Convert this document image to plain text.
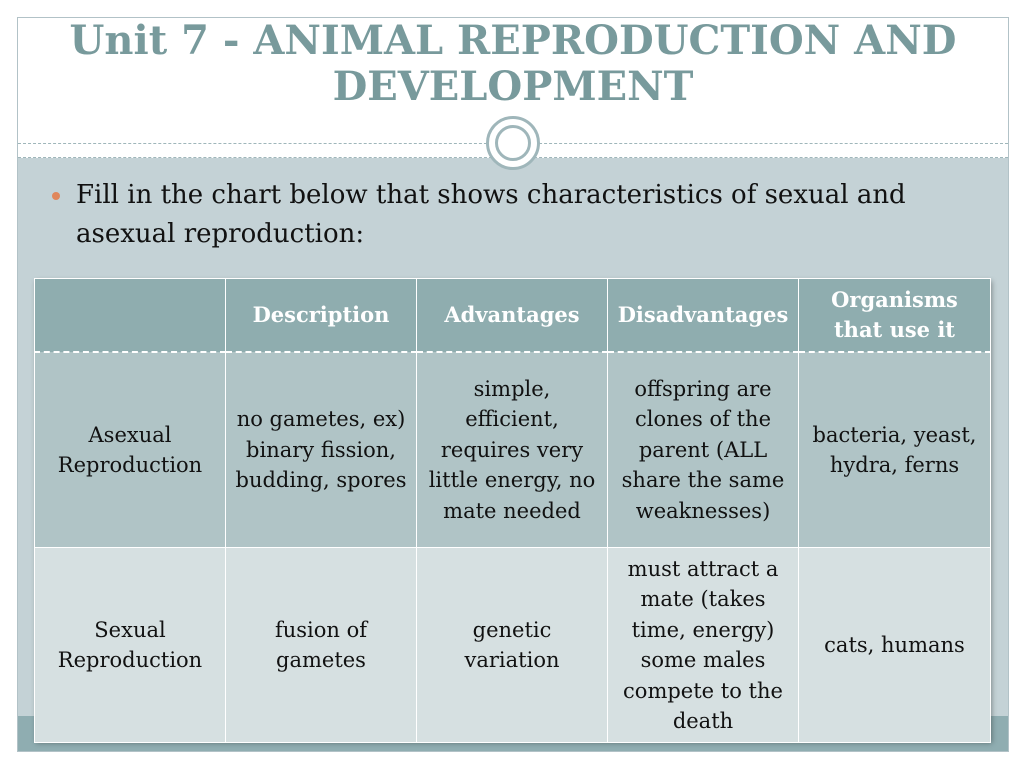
Unit 7 - ANIMAL REPRODUCTION AND DEVELOPMENT
Fill in the chart below that shows characteristics of sexual and asexual reproduction:
	Description	Advantages	Disadvantages	Organisms that use it
Asexual Reproduction	no gametes, ex) binary fission, budding, spores	simple, efficient, requires very little energy, no mate needed	offspring are clones of the parent (ALL share the same weaknesses)	bacteria, yeast, hydra, ferns
Sexual Reproduction	fusion of gametes	genetic variation	must attract a mate (takes time, energy) some males compete to the death	cats, humans
